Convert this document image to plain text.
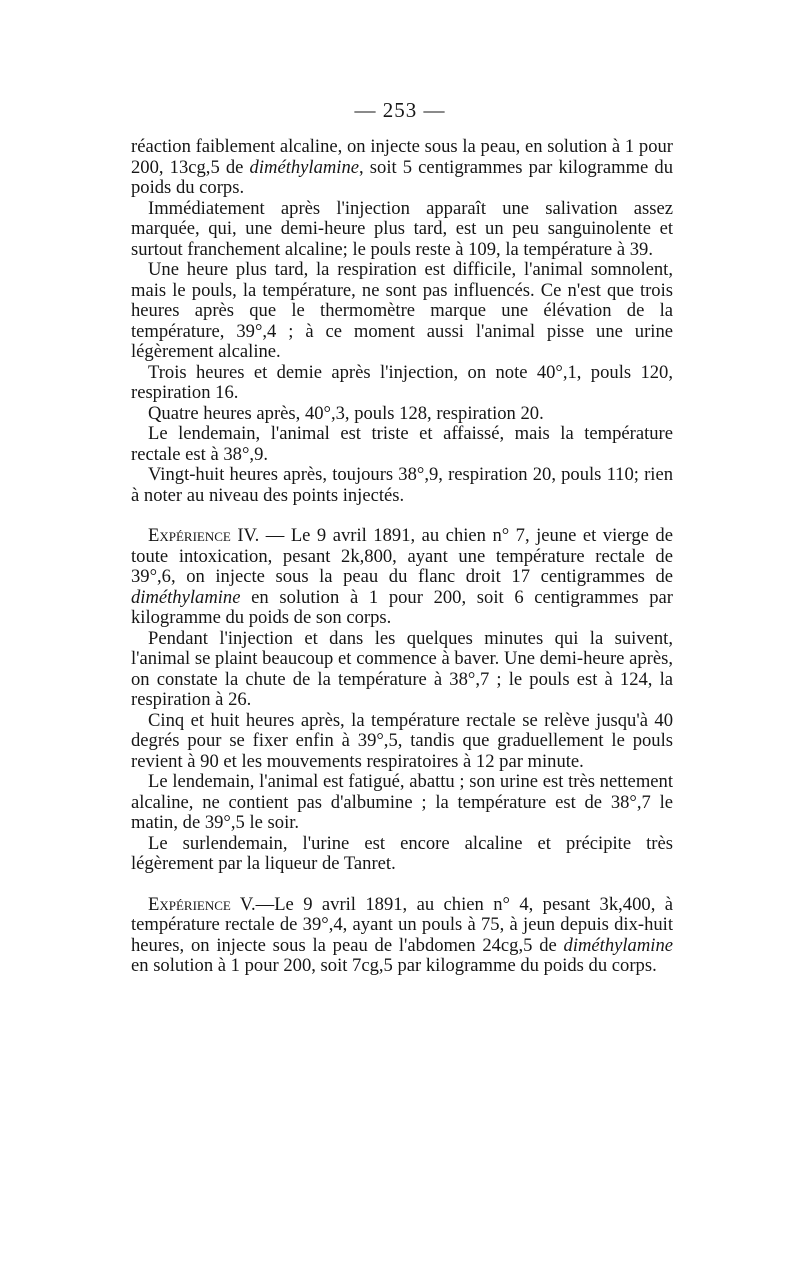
— 253 —

réaction faiblement alcaline, on injecte sous la peau, en solution à 1 pour 200, 13cg,5 de diméthylamine, soit 5 centigrammes par kilogramme du poids du corps.

Immédiatement après l'injection apparaît une salivation assez marquée, qui, une demi-heure plus tard, est un peu sanguinolente et surtout franchement alcaline; le pouls reste à 109, la température à 39.

Une heure plus tard, la respiration est difficile, l'animal somnolent, mais le pouls, la température, ne sont pas influencés. Ce n'est que trois heures après que le thermomètre marque une élévation de la température, 39°,4 ; à ce moment aussi l'animal pisse une urine légèrement alcaline.

Trois heures et demie après l'injection, on note 40°,1, pouls 120, respiration 16.

Quatre heures après, 40°,3, pouls 128, respiration 20.

Le lendemain, l'animal est triste et affaissé, mais la température rectale est à 38°,9.

Vingt-huit heures après, toujours 38°,9, respiration 20, pouls 110; rien à noter au niveau des points injectés.

Expérience IV. — Le 9 avril 1891, au chien n° 7, jeune et vierge de toute intoxication, pesant 2k,800, ayant une température rectale de 39°,6, on injecte sous la peau du flanc droit 17 centigrammes de diméthylamine en solution à 1 pour 200, soit 6 centigrammes par kilogramme du poids de son corps.

Pendant l'injection et dans les quelques minutes qui la suivent, l'animal se plaint beaucoup et commence à baver. Une demi-heure après, on constate la chute de la température à 38°,7 ; le pouls est à 124, la respiration à 26.

Cinq et huit heures après, la température rectale se relève jusqu'à 40 degrés pour se fixer enfin à 39°,5, tandis que graduellement le pouls revient à 90 et les mouvements respiratoires à 12 par minute.

Le lendemain, l'animal est fatigué, abattu ; son urine est très nettement alcaline, ne contient pas d'albumine ; la température est de 38°,7 le matin, de 39°,5 le soir.

Le surlendemain, l'urine est encore alcaline et précipite très légèrement par la liqueur de Tanret.

Expérience V.—Le 9 avril 1891, au chien n° 4, pesant 3k,400, à température rectale de 39°,4, ayant un pouls à 75, à jeun depuis dix-huit heures, on injecte sous la peau de l'abdomen 24cg,5 de diméthylamine en solution à 1 pour 200, soit 7cg,5 par kilogramme du poids du corps.
